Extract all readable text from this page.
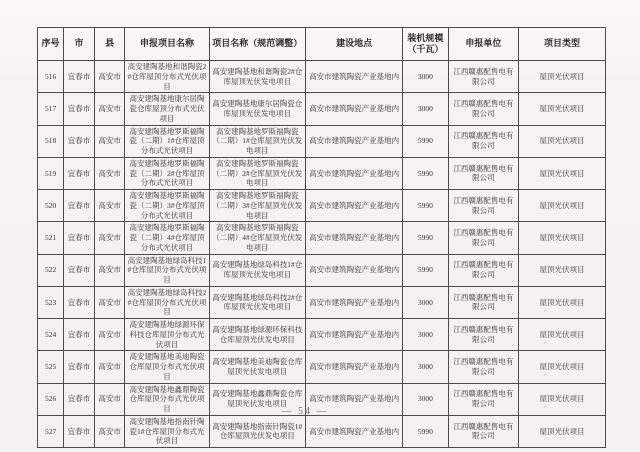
序号	市	县	申报项目名称	项目名称（规范调整）	建设地点	装机规模（千瓦）	申报单位	项目类型
516	宜春市	高安市	高安建陶基地和谐陶瓷2#仓库屋顶分布式光伏项目	高安建陶基地和谐陶瓷2#仓库屋顶光伏发电项目	高安市建筑陶瓷产业基地内	3000	江西赣惠配售电有限公司	屋顶光伏项目
517	宜春市	高安市	高安建陶基地康尔居陶瓷仓库屋顶分布式光伏项目	高安建陶基地康尔居陶瓷仓库屋顶光伏发电项目	高安市建筑陶瓷产业基地内	3000	江西赣惠配售电有限公司	屋顶光伏项目
518	宜春市	高安市	高安建陶基地罗斯福陶瓷（二期）1#仓库屋顶分布式光伏项目	高安建陶基地罗斯福陶瓷（二期）1#仓库屋顶光伏发电项目	高安市建筑陶瓷产业基地内	5990	江西赣惠配售电有限公司	屋顶光伏项目
519	宜春市	高安市	高安建陶基地罗斯福陶瓷（二期）2#仓库屋顶分布式光伏项目	高安建陶基地罗斯福陶瓷（二期）2#仓库屋顶光伏发电项目	高安市建筑陶瓷产业基地内	5990	江西赣惠配售电有限公司	屋顶光伏项目
520	宜春市	高安市	高安建陶基地罗斯福陶瓷（二期）3#仓库屋顶分布式光伏项目	高安建陶基地罗斯福陶瓷（二期）3#仓库屋顶光伏发电项目	高安市建筑陶瓷产业基地内	5990	江西赣惠配售电有限公司	屋顶光伏项目
521	宜春市	高安市	高安建陶基地罗斯福陶瓷（二期）4#仓库屋顶分布式光伏项目	高安建陶基地罗斯福陶瓷（二期）4#仓库屋顶光伏发电项目	高安市建筑陶瓷产业基地内	5990	江西赣惠配售电有限公司	屋顶光伏项目
522	宜春市	高安市	高安建陶基地绿岛科技1#仓库屋顶分布式光伏项目	高安建陶基地绿岛科技1#仓库屋顶光伏发电项目	高安市建筑陶瓷产业基地内	5990	江西赣惠配售电有限公司	屋顶光伏项目
523	宜春市	高安市	高安建陶基地绿岛科技2#仓库屋顶分布式光伏项目	高安建陶基地绿岛科技2#仓库屋顶光伏发电项目	高安市建筑陶瓷产业基地内	3000	江西赣惠配售电有限公司	屋顶光伏项目
524	宜春市	高安市	高安建陶基地绿源环保科技仓库屋顶分布式光伏项目	高安建陶基地绿源环保科技仓库屋顶光伏发电项目	高安市建筑陶瓷产业基地内	3000	江西赣惠配售电有限公司	屋顶光伏项目
525	宜春市	高安市	高安建陶基地美迪陶瓷仓库屋顶分布式光伏项目	高安建陶基地美迪陶瓷仓库屋顶光伏发电项目	高安市建筑陶瓷产业基地内	3000	江西赣惠配售电有限公司	屋顶光伏项目
526	宜春市	高安市	高安建陶基地鑫鼎陶瓷仓库屋顶分布式光伏项目	高安建陶基地鑫鼎陶瓷仓库屋顶光伏发电项目	高安市建筑陶瓷产业基地内	3000	江西赣惠配售电有限公司	屋顶光伏项目
527	宜春市	高安市	高安建陶基地指南针陶瓷1#仓库屋顶分布式光伏项目	高安建陶基地指南针陶瓷1#仓库屋顶光伏发电项目	高安市建筑陶瓷产业基地内	5990	江西赣惠配售电有限公司	屋顶光伏项目
— 54 —
